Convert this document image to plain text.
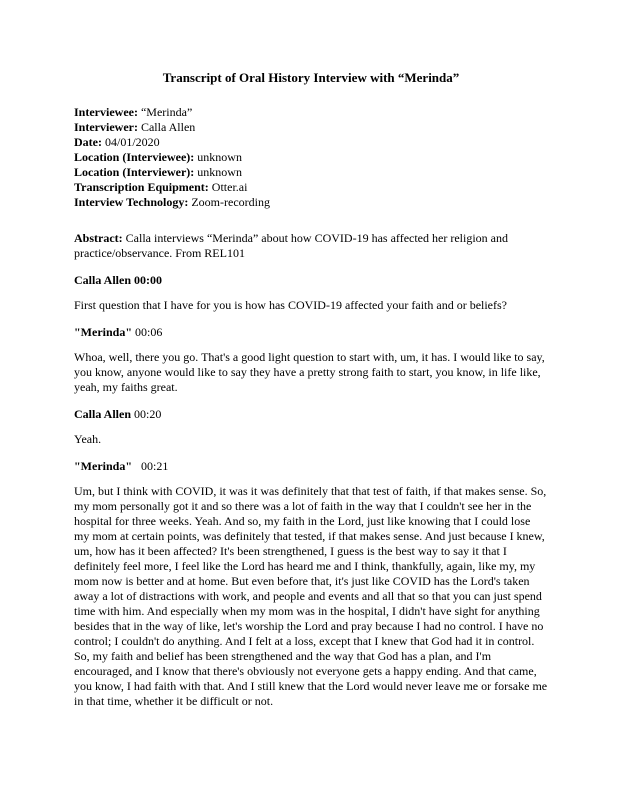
Transcript of Oral History Interview with “Merinda”

Interviewee: “Merinda”

Interviewer: Calla Allen

Date: 04/01/2020

Location (Interviewee): unknown

Location (Interviewer): unknown

Transcription Equipment: Otter.ai

Interview Technology: Zoom-recording

Abstract: Calla interviews “Merinda” about how COVID-19 has affected her religion and practice/observance. From REL101

Calla Allen 00:00

First question that I have for you is how has COVID-19 affected your faith and or beliefs?

"Merinda" 00:06

Whoa, well, there you go. That's a good light question to start with, um, it has. I would like to say, you know, anyone would like to say they have a pretty strong faith to start, you know, in life like, yeah, my faiths great.

Calla Allen 00:20

Yeah.

"Merinda" 00:21

Um, but I think with COVID, it was it was definitely that that test of faith, if that makes sense. So, my mom personally got it and so there was a lot of faith in the way that I couldn't see her in the hospital for three weeks. Yeah. And so, my faith in the Lord, just like knowing that I could lose my mom at certain points, was definitely that tested, if that makes sense. And just because I knew, um, how has it been affected? It's been strengthened, I guess is the best way to say it that I definitely feel more, I feel like the Lord has heard me and I think, thankfully, again, like my, my mom now is better and at home. But even before that, it's just like COVID has the Lord's taken away a lot of distractions with work, and people and events and all that so that you can just spend time with him. And especially when my mom was in the hospital, I didn't have sight for anything besides that in the way of like, let's worship the Lord and pray because I had no control. I have no control; I couldn't do anything. And I felt at a loss, except that I knew that God had it in control. So, my faith and belief has been strengthened and the way that God has a plan, and I'm encouraged, and I know that there's obviously not everyone gets a happy ending. And that came, you know, I had faith with that. And I still knew that the Lord would never leave me or forsake me in that time, whether it be difficult or not.
